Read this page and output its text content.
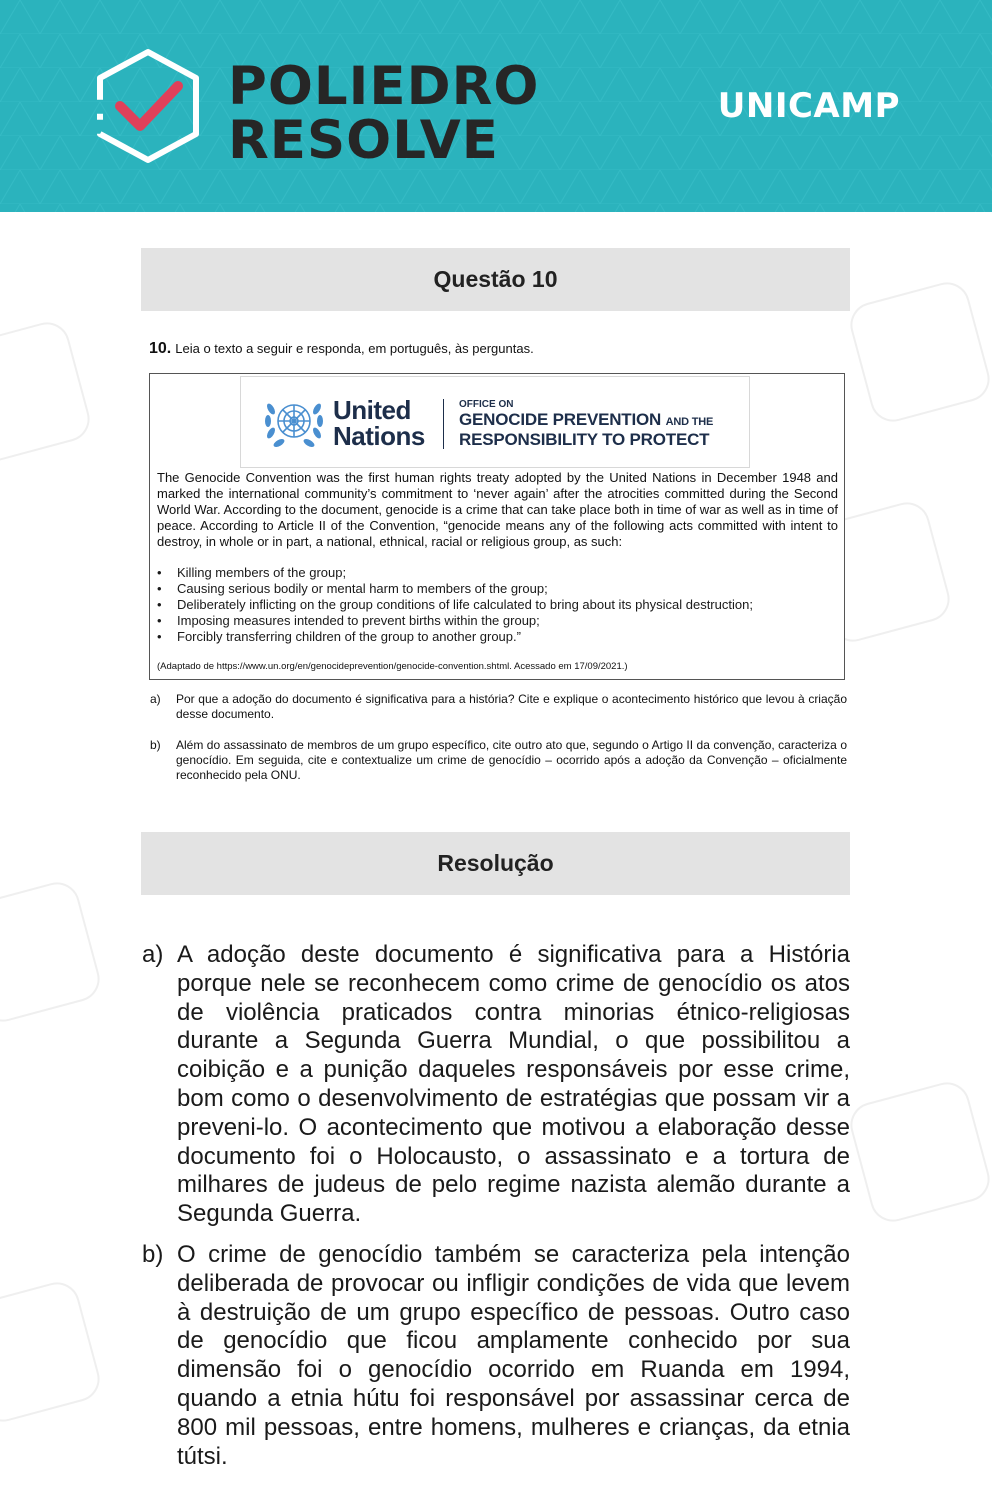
POLIEDRO
RESOLVE
UNICAMP
Questão 10
10. Leia o texto a seguir e responda, em português, às perguntas.
United
Nations
OFFICE ON
GENOCIDE PREVENTION AND THE
RESPONSIBILITY TO PROTECT

The Genocide Convention was the first human rights treaty adopted by the United Nations in December 1948 and marked the international community’s commitment to ‘never again’ after the atrocities committed during the Second World War. According to the document, genocide is a crime that can take place both in time of war as well as in time of peace. According to Article II of the Convention, “genocide means any of the following acts committed with intent to destroy, in whole or in part, a national, ethnical, racial or religious group, as such:

• Killing members of the group;
• Causing serious bodily or mental harm to members of the group;
• Deliberately inflicting on the group conditions of life calculated to bring about its physical destruction;
• Imposing measures intended to prevent births within the group;
• Forcibly transferring children of the group to another group.”
(Adaptado de https://www.un.org/en/genocideprevention/genocide-convention.shtml. Acessado em 17/09/2021.)
a) Por que a adoção do documento é significativa para a história? Cite e explique o acontecimento histórico que levou à criação desse documento.
b) Além do assassinato de membros de um grupo específico, cite outro ato que, segundo o Artigo II da convenção, caracteriza o genocídio. Em seguida, cite e contextualize um crime de genocídio – ocorrido após a adoção da Convenção – oficialmente reconhecido pela ONU.
Resolução
a) A adoção deste documento é significativa para a História porque nele se reconhecem como crime de genocídio os atos de violência praticados contra minorias étnico-religiosas durante a Segunda Guerra Mundial, o que possibilitou a coibição e a punição daqueles responsáveis por esse crime, bom como o desenvolvimento de estratégias que possam vir a preveni-lo. O acontecimento que motivou a elaboração desse documento foi o Holocausto, o assassinato e a tortura de milhares de judeus de pelo regime nazista alemão durante a Segunda Guerra.
b) O crime de genocídio também se caracteriza pela intenção deliberada de provocar ou infligir condições de vida que levem à destruição de um grupo específico de pessoas. Outro caso de genocídio que ficou amplamente conhecido por sua dimensão foi o genocídio ocorrido em Ruanda em 1994, quando a etnia hútu foi responsável por assassinar cerca de 800 mil pessoas, entre homens, mulheres e crianças, da etnia tútsi.
